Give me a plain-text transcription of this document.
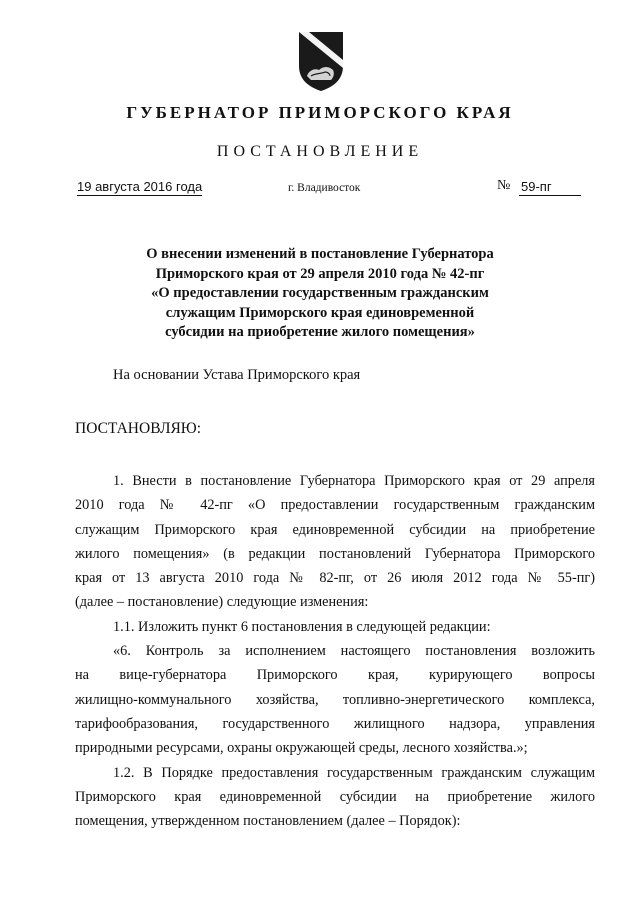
ГУБЕРНАТОР ПРИМОРСКОГО КРАЯ
ПОСТАНОВЛЕНИЕ
19 августа 2016 года	г. Владивосток	№ 59-пг
О внесении изменений в постановление Губернатора
Приморского края от 29 апреля 2010 года № 42-пг
«О предоставлении государственным гражданским
служащим Приморского края единовременной
субсидии на приобретение жилого помещения»
На основании Устава Приморского края
ПОСТАНОВЛЯЮ:
1. Внести в постановление Губернатора Приморского края от 29 апреля
2010 года № 42-пг «О предоставлении государственным гражданским
служащим Приморского края единовременной субсидии на приобретение
жилого помещения» (в редакции постановлений Губернатора Приморского
края от 13 августа 2010 года № 82-пг, от 26 июля 2012 года № 55-пг)
(далее – постановление) следующие изменения:
1.1. Изложить пункт 6 постановления в следующей редакции:
«6. Контроль за исполнением настоящего постановления возложить
на вице-губернатора Приморского края, курирующего вопросы
жилищно-коммунального хозяйства, топливно-энергетического комплекса,
тарифообразования, государственного жилищного надзора, управления
природными ресурсами, охраны окружающей среды, лесного хозяйства.»;
1.2. В Порядке предоставления государственным гражданским служащим
Приморского края единовременной субсидии на приобретение жилого
помещения, утвержденном постановлением (далее – Порядок):
